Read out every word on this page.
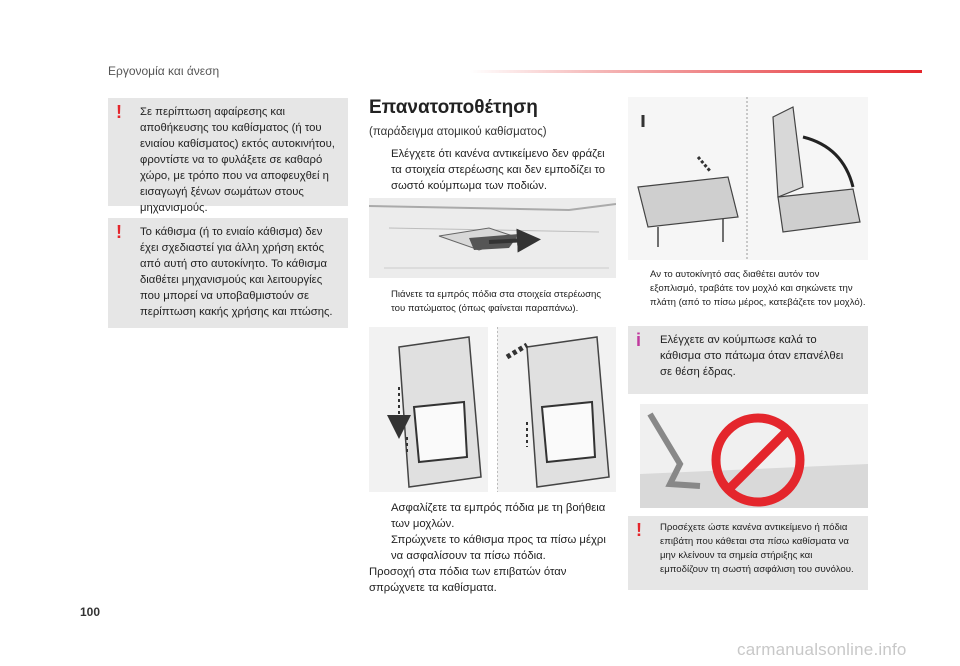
Εργονομία και άνεση
! Σε περίπτωση αφαίρεσης και αποθήκευσης του καθίσματος (ή του ενιαίου καθίσματος) εκτός αυτοκινήτου, φροντίστε να το φυλάξετε σε καθαρό χώρο, με τρόπο που να αποφευχθεί η εισαγωγή ξένων σωμάτων στους μηχανισμούς.
! Το κάθισμα (ή το ενιαίο κάθισμα) δεν έχει σχεδιαστεί για άλλη χρήση εκτός από αυτή στο αυτοκίνητο. Το κάθισμα διαθέτει μηχανισμούς και λειτουργίες που μπορεί να υποβαθμιστούν σε περίπτωση κακής χρήσης και πτώσης.
Επανατοποθέτηση
(παράδειγμα ατομικού καθίσματος)
Ελέγχετε ότι κανένα αντικείμενο δεν φράζει τα στοιχεία στερέωσης και δεν εμποδίζει το σωστό κούμπωμα των ποδιών.
Πιάνετε τα εμπρός πόδια στα στοιχεία στερέωσης του πατώματος (όπως φαίνεται παραπάνω).
Ασφαλίζετε τα εμπρός πόδια με τη βοήθεια των μοχλών.
Σπρώχνετε το κάθισμα προς τα πίσω μέχρι να ασφαλίσουν τα πίσω πόδια.
Προσοχή στα πόδια των επιβατών όταν σπρώχνετε τα καθίσματα.
Αν το αυτοκίνητό σας διαθέτει αυτόν τον εξοπλισμό, τραβάτε τον μοχλό και σηκώνετε την πλάτη (από το πίσω μέρος, κατεβάζετε τον μοχλό).
i Ελέγχετε αν κούμπωσε καλά το κάθισμα στο πάτωμα όταν επανέλθει σε θέση έδρας.
! Προσέχετε ώστε κανένα αντικείμενο ή πόδια επιβάτη που κάθεται στα πίσω καθίσματα να μην κλείνουν τα σημεία στήριξης και εμποδίζουν τη σωστή ασφάλιση του συνόλου.
100
carmanualsonline.info
